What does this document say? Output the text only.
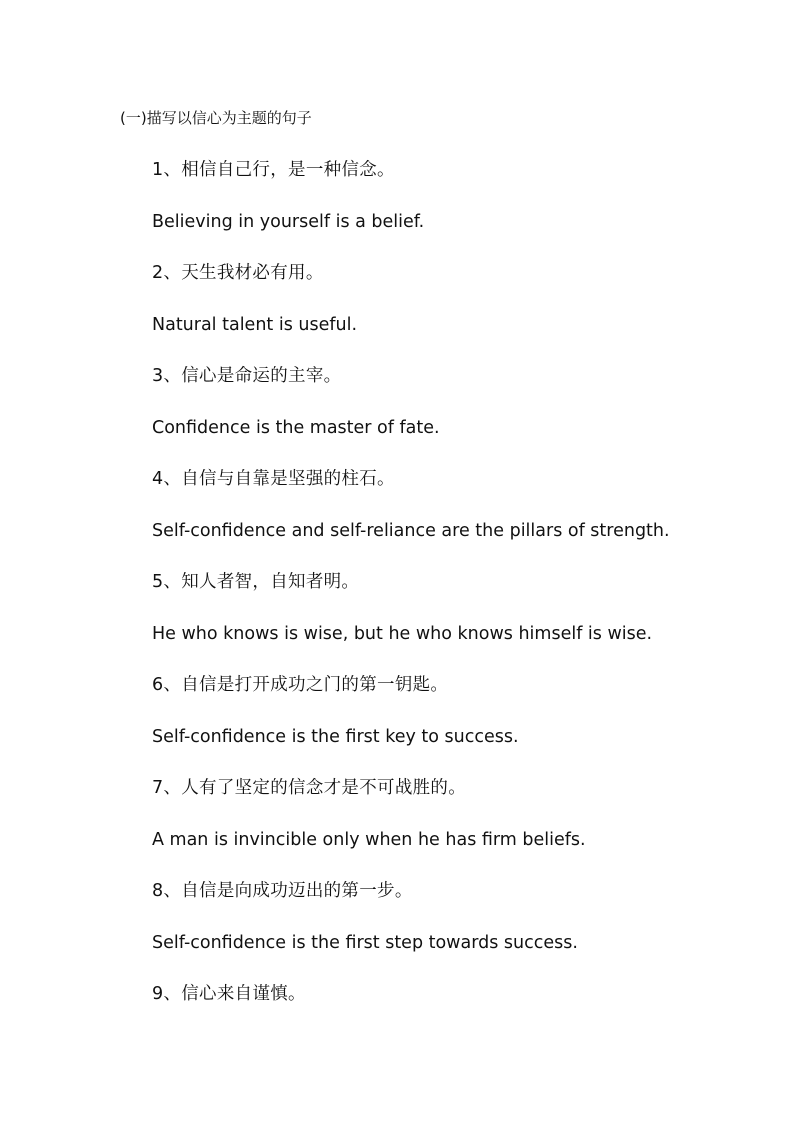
(一)描写以信心为主题的句子
1、相信自己行，是一种信念。
Believing in yourself is a belief.
2、天生我材必有用。
Natural talent is useful.
3、信心是命运的主宰。
Confidence is the master of fate.
4、自信与自靠是坚强的柱石。
Self-confidence and self-reliance are the pillars of strength.
5、知人者智，自知者明。
He who knows is wise, but he who knows himself is wise.
6、自信是打开成功之门的第一钥匙。
Self-confidence is the first key to success.
7、人有了坚定的信念才是不可战胜的。
A man is invincible only when he has firm beliefs.
8、自信是向成功迈出的第一步。
Self-confidence is the first step towards success.
9、信心来自谨慎。
